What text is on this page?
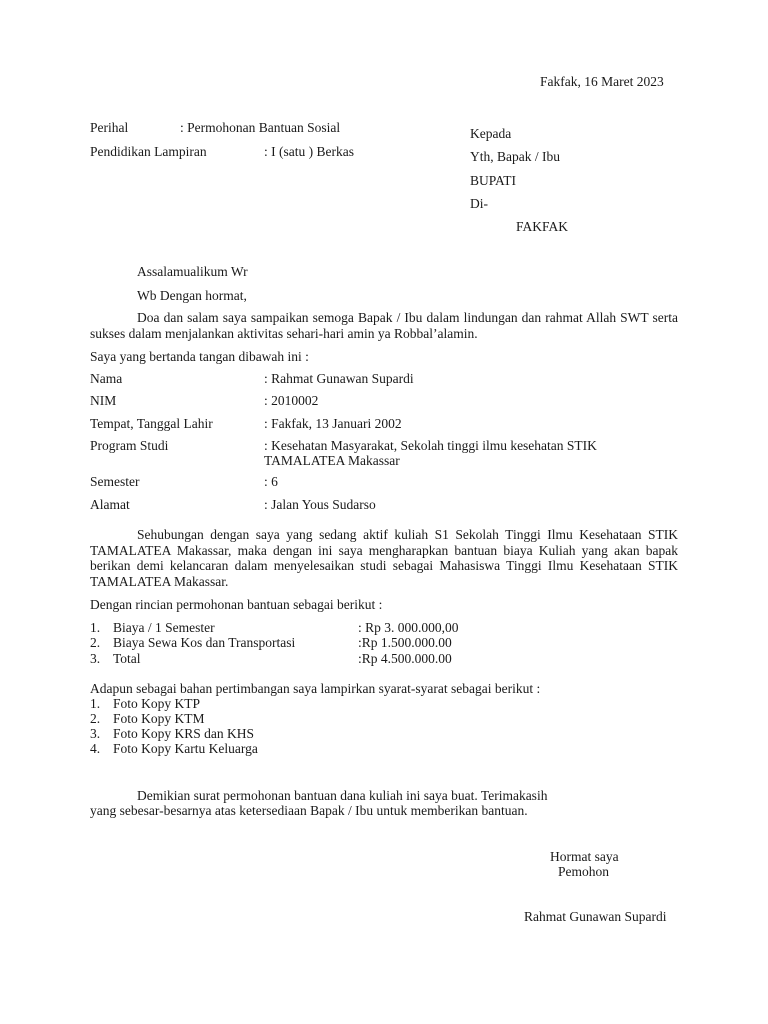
Fakfak, 16 Maret 2023
Perihal	: Permohonan Bantuan Sosial
Pendidikan Lampiran	: I (satu ) Berkas
Kepada
Yth, Bapak / Ibu
BUPATI
Di-
FAKFAK
Assalamualikum Wr
Wb Dengan hormat,
Doa dan salam saya sampaikan semoga Bapak / Ibu dalam lindungan dan rahmat Allah SWT serta sukses dalam menjalankan aktivitas sehari-hari amin ya Robbal’alamin.
Saya yang bertanda tangan dibawah ini :
Nama	: Rahmat Gunawan Supardi
NIM	: 2010002
Tempat, Tanggal Lahir	: Fakfak, 13 Januari 2002
Program Studi	: Kesehatan Masyarakat, Sekolah tinggi ilmu kesehatan STIK
TAMALATEA Makassar
Semester	: 6
Alamat	: Jalan Yous Sudarso
Sehubungan dengan saya yang sedang aktif kuliah S1 Sekolah Tinggi Ilmu Kesehataan STIK TAMALATEA Makassar, maka dengan ini saya mengharapkan bantuan biaya Kuliah yang akan bapak berikan demi kelancaran dalam menyelesaikan studi sebagai Mahasiswa Tinggi Ilmu Kesehataan STIK TAMALATEA Makassar.
Dengan rincian permohonan bantuan sebagai berikut :
1. Biaya / 1 Semester	: Rp 3. 000.000,00
2. Biaya Sewa Kos dan Transportasi	:Rp 1.500.000.00
3. Total	:Rp 4.500.000.00
Adapun sebagai bahan pertimbangan saya lampirkan syarat-syarat sebagai berikut :
1. Foto Kopy KTP
2. Foto Kopy KTM
3. Foto Kopy KRS dan KHS
4. Foto Kopy Kartu Keluarga
Demikian surat permohonan bantuan dana kuliah ini saya buat. Terimakasih
yang sebesar-besarnya atas ketersediaan Bapak / Ibu untuk memberikan bantuan.
Hormat saya
Pemohon
Rahmat Gunawan Supardi
